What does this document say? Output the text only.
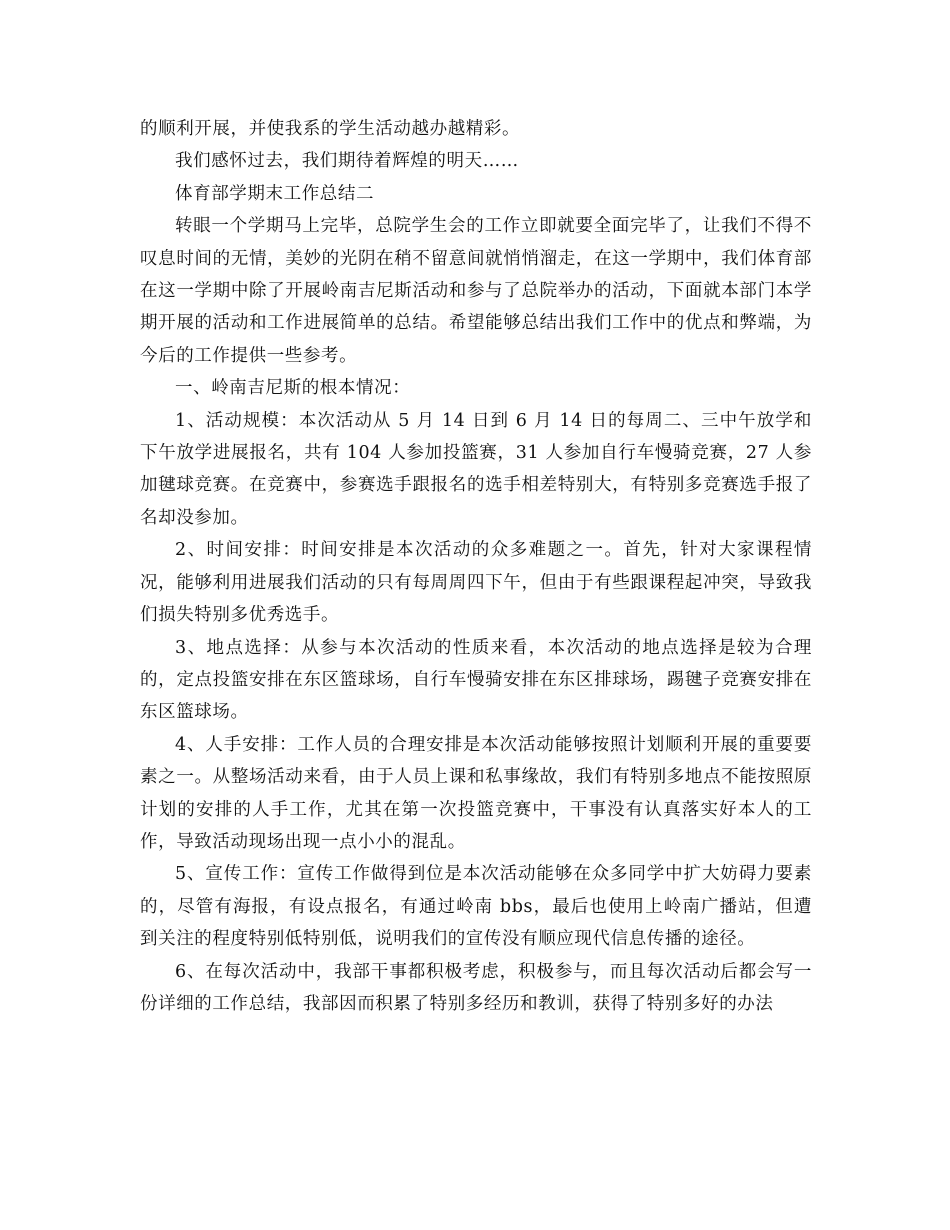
的顺利开展，并使我系的学生活动越办越精彩。

我们感怀过去，我们期待着辉煌的明天……

体育部学期末工作总结二

转眼一个学期马上完毕，总院学生会的工作立即就要全面完毕了，让我们不得不叹息时间的无情，美妙的光阴在稍不留意间就悄悄溜走，在这一学期中，我们体育部在这一学期中除了开展岭南吉尼斯活动和参与了总院举办的活动，下面就本部门本学期开展的活动和工作进展简单的总结。希望能够总结出我们工作中的优点和弊端，为今后的工作提供一些参考。

一、岭南吉尼斯的根本情况：

1、活动规模：本次活动从 5 月 14 日到 6 月 14 日的每周二、三中午放学和下午放学进展报名，共有 104 人参加投篮赛，31 人参加自行车慢骑竞赛，27 人参加毽球竞赛。在竞赛中，参赛选手跟报名的选手相差特别大，有特别多竞赛选手报了名却没参加。

2、时间安排：时间安排是本次活动的众多难题之一。首先，针对大家课程情况，能够利用进展我们活动的只有每周周四下午，但由于有些跟课程起冲突，导致我们损失特别多优秀选手。

3、地点选择：从参与本次活动的性质来看，本次活动的地点选择是较为合理的，定点投篮安排在东区篮球场，自行车慢骑安排在东区排球场，踢毽子竞赛安排在东区篮球场。

4、人手安排：工作人员的合理安排是本次活动能够按照计划顺利开展的重要要素之一。从整场活动来看，由于人员上课和私事缘故，我们有特别多地点不能按照原计划的安排的人手工作，尤其在第一次投篮竞赛中，干事没有认真落实好本人的工作，导致活动现场出现一点小小的混乱。

5、宣传工作：宣传工作做得到位是本次活动能够在众多同学中扩大妨碍力要素的，尽管有海报，有设点报名，有通过岭南 bbs，最后也使用上岭南广播站，但遭到关注的程度特别低特别低，说明我们的宣传没有顺应现代信息传播的途径。

6、在每次活动中，我部干事都积极考虑，积极参与，而且每次活动后都会写一份详细的工作总结，我部因而积累了特别多经历和教训，获得了特别多好的办法
